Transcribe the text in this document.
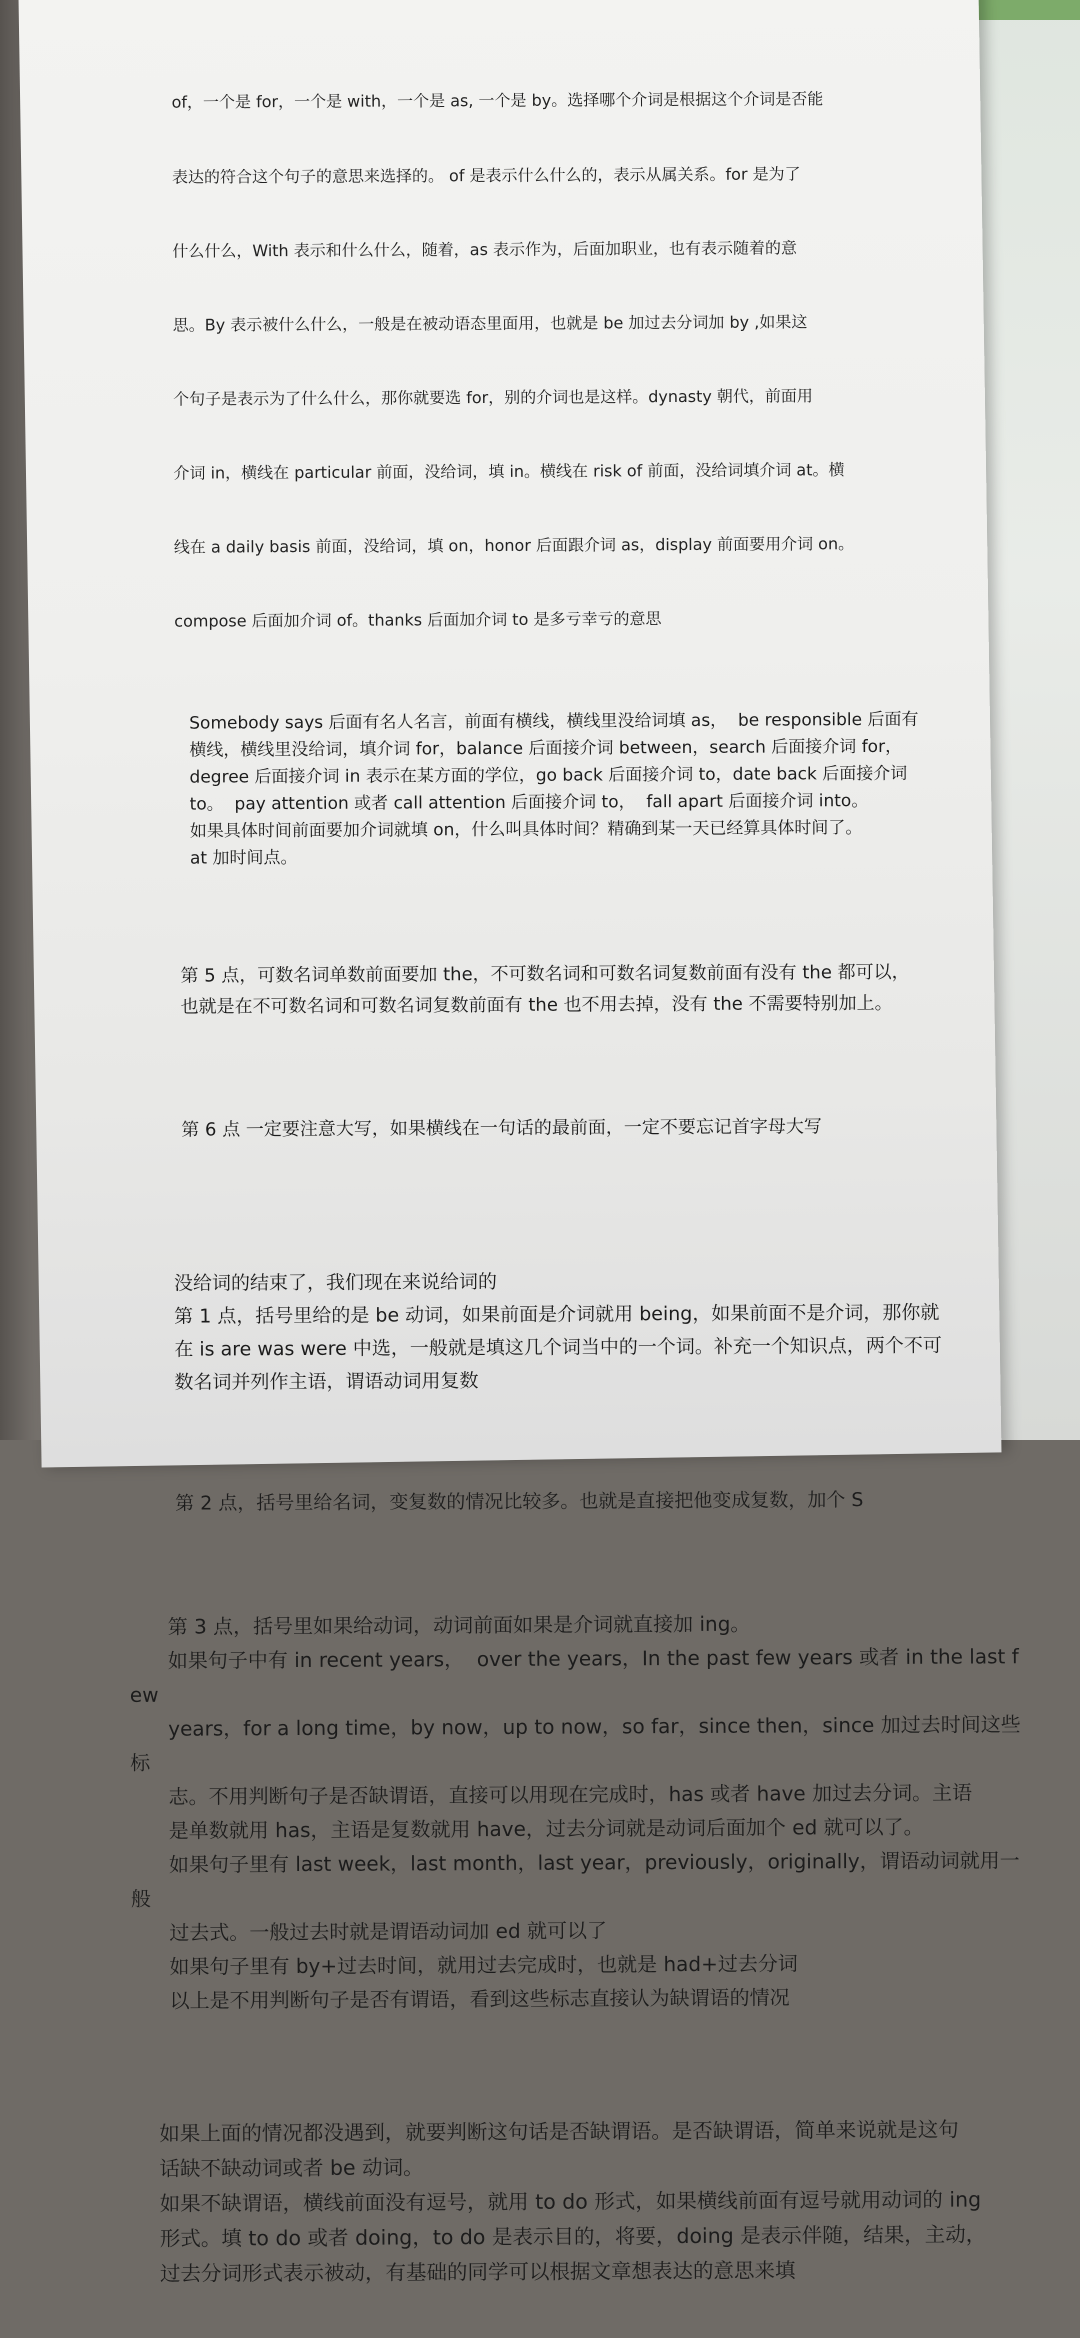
of，一个是 for，一个是 with，一个是 as, 一个是 by。选择哪个介词是根据这个介词是否能

表达的符合这个句子的意思来选择的。 of 是表示什么什么的，表示从属关系。for 是为了

什么什么，With 表示和什么什么，随着，as 表示作为，后面加职业，也有表示随着的意

思。By 表示被什么什么，一般是在被动语态里面用，也就是 be 加过去分词加 by ,如果这

个句子是表示为了什么什么，那你就要选 for，别的介词也是这样。dynasty 朝代，前面用

介词 in，横线在 particular 前面，没给词，填 in。横线在 risk of 前面，没给词填介词 at。横

线在 a daily basis 前面，没给词，填 on，honor 后面跟介词 as，display 前面要用介词 on。

compose 后面加介词 of。thanks 后面加介词 to 是多亏幸亏的意思

Somebody says 后面有名人名言，前面有横线，横线里没给词填 as，  be responsible 后面有
横线，横线里没给词，填介词 for，balance 后面接介词 between，search 后面接介词 for，
degree 后面接介词 in 表示在某方面的学位，go back 后面接介词 to，date back 后面接介词
to。  pay attention 或者 call attention 后面接介词 to，  fall apart 后面接介词 into。
如果具体时间前面要加介词就填 on，什么叫具体时间？精确到某一天已经算具体时间了。
at 加时间点。

第 5 点，可数名词单数前面要加 the，不可数名词和可数名词复数前面有没有 the 都可以，
也就是在不可数名词和可数名词复数前面有 the 也不用去掉，没有 the 不需要特别加上。

第 6 点 一定要注意大写，如果横线在一句话的最前面，一定不要忘记首字母大写

没给词的结束了，我们现在来说给词的
第 1 点，括号里给的是 be 动词，如果前面是介词就用 being，如果前面不是介词，那你就
在 is are was were 中选，一般就是填这几个词当中的一个词。补充一个知识点，两个不可
数名词并列作主语，谓语动词用复数

第 2 点，括号里给名词，变复数的情况比较多。也就是直接把他变成复数，加个 S

第 3 点，括号里如果给动词，动词前面如果是介词就直接加 ing。
如果句子中有 in recent years，  over the years，In the past few years 或者 in the last few
years，for a long time，by now，up to now，so far，since then，since 加过去时间这些标
志。不用判断句子是否缺谓语，直接可以用现在完成时，has 或者 have 加过去分词。主语
是单数就用 has，主语是复数就用 have，过去分词就是动词后面加个 ed 就可以了。
如果句子里有 last week，last month，last year，previously，originally，谓语动词就用一般
过去式。一般过去时就是谓语动词加 ed 就可以了
如果句子里有 by+过去时间，就用过去完成时，也就是 had+过去分词
以上是不用判断句子是否有谓语，看到这些标志直接认为缺谓语的情况

如果上面的情况都没遇到，就要判断这句话是否缺谓语。是否缺谓语，简单来说就是这句
话缺不缺动词或者 be 动词。
如果不缺谓语，横线前面没有逗号，就用 to do 形式，如果横线前面有逗号就用动词的 ing
形式。填 to do 或者 doing，to do 是表示目的，将要，doing 是表示伴随，结果，主动，
过去分词形式表示被动，有基础的同学可以根据文章想表达的意思来填
